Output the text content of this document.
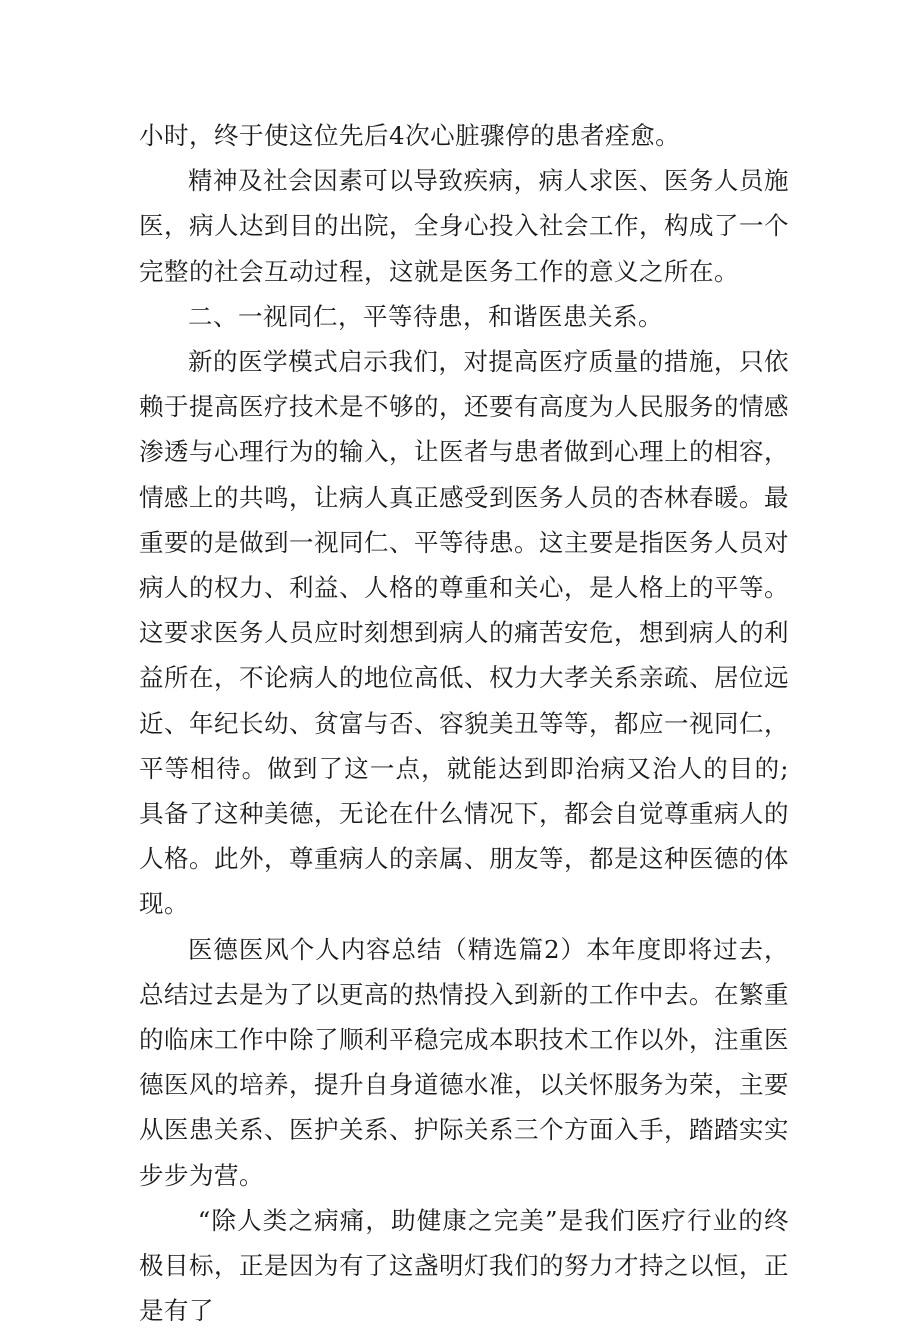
小时，终于使这位先后4次心脏骤停的患者痊愈。

精神及社会因素可以导致疾病，病人求医、医务人员施医，病人达到目的出院，全身心投入社会工作，构成了一个完整的社会互动过程，这就是医务工作的意义之所在。

二、一视同仁，平等待患，和谐医患关系。

新的医学模式启示我们，对提高医疗质量的措施，只依赖于提高医疗技术是不够的，还要有高度为人民服务的情感渗透与心理行为的输入，让医者与患者做到心理上的相容，情感上的共鸣，让病人真正感受到医务人员的杏林春暖。最重要的是做到一视同仁、平等待患。这主要是指医务人员对病人的权力、利益、人格的尊重和关心，是人格上的平等。这要求医务人员应时刻想到病人的痛苦安危，想到病人的利益所在，不论病人的地位高低、权力大孝关系亲疏、居位远近、年纪长幼、贫富与否、容貌美丑等等，都应一视同仁，平等相待。做到了这一点，就能达到即治病又治人的目的;具备了这种美德，无论在什么情况下，都会自觉尊重病人的人格。此外，尊重病人的亲属、朋友等，都是这种医德的体现。

医德医风个人内容总结（精选篇2）本年度即将过去，总结过去是为了以更高的热情投入到新的工作中去。在繁重的临床工作中除了顺利平稳完成本职技术工作以外，注重医德医风的培养，提升自身道德水准，以关怀服务为荣，主要从医患关系、医护关系、护际关系三个方面入手，踏踏实实步步为营。

“除人类之病痛，助健康之完美”是我们医疗行业的终极目标，正是因为有了这盏明灯我们的努力才持之以恒，正是有了
